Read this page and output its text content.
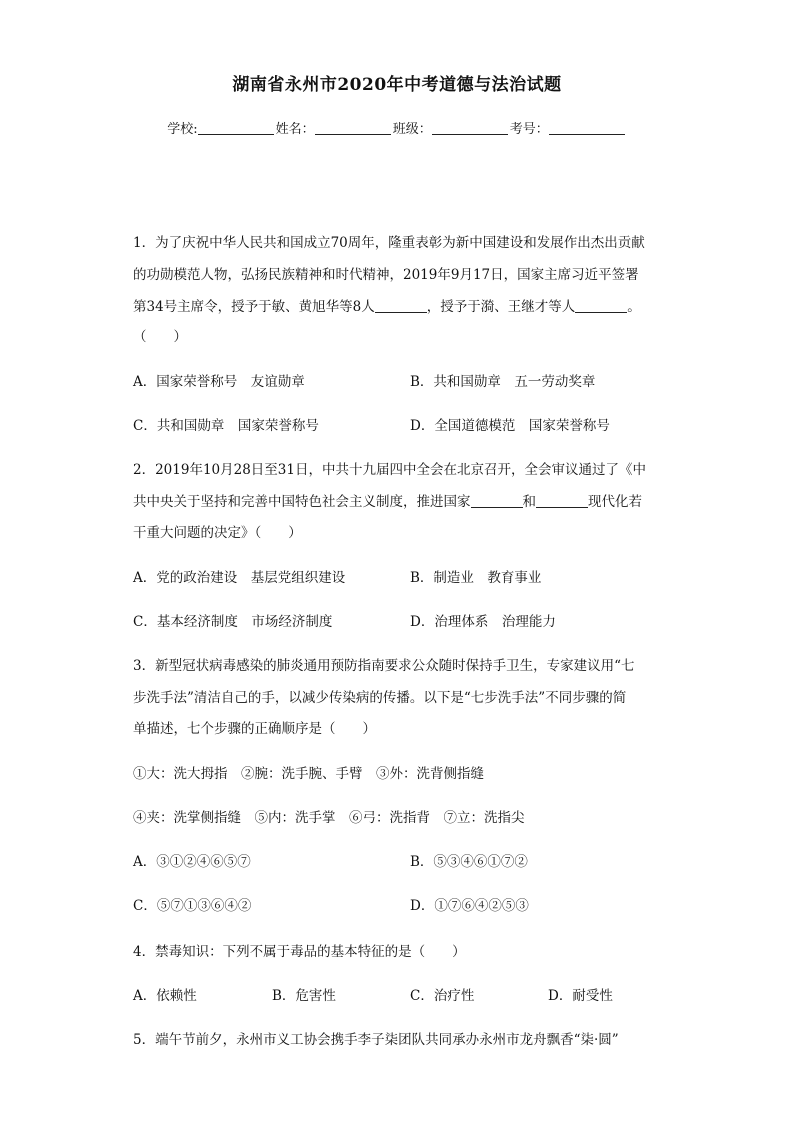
湖南省永州市2020年中考道德与法治试题
学校:	姓名：	班级：	考号：
1．为了庆祝中华人民共和国成立70周年，隆重表彰为新中国建设和发展作出杰出贡献
的功勋模范人物，弘扬民族精神和时代精神，2019年9月17日，国家主席习近平签署
第34号主席令，授予于敏、黄旭华等8人	，授予于漪、王继才等人	。
（　　）
A．国家荣誉称号　友谊勋章	B．共和国勋章　五一劳动奖章
C．共和国勋章　国家荣誉称号	D．全国道德模范　国家荣誉称号
2．2019年10月28日至31日，中共十九届四中全会在北京召开，全会审议通过了《中
共中央关于坚持和完善中国特色社会主义制度，推进国家	和	现代化若
干重大问题的决定》（　　）
A．党的政治建设　基层党组织建设	B．制造业　教育事业
C．基本经济制度　市场经济制度	D．治理体系　治理能力
3．新型冠状病毒感染的肺炎通用预防指南要求公众随时保持手卫生，专家建议用“七
步洗手法”清洁自己的手，以减少传染病的传播。以下是“七步洗手法”不同步骤的简
单描述，七个步骤的正确顺序是（　　）
①大：洗大拇指　②腕：洗手腕、手臂　③外：洗背侧指缝
④夹：洗掌侧指缝　⑤内：洗手掌　⑥弓：洗指背　⑦立：洗指尖
A．③①②④⑥⑤⑦	B．⑤③④⑥①⑦②
C．⑤⑦①③⑥④②	D．①⑦⑥④②⑤③
4．禁毒知识：下列不属于毒品的基本特征的是（　　）
A．依赖性	B．危害性	C．治疗性	D．耐受性
5．端午节前夕，永州市义工协会携手李子柒团队共同承办永州市龙舟飘香“柒·圆”
